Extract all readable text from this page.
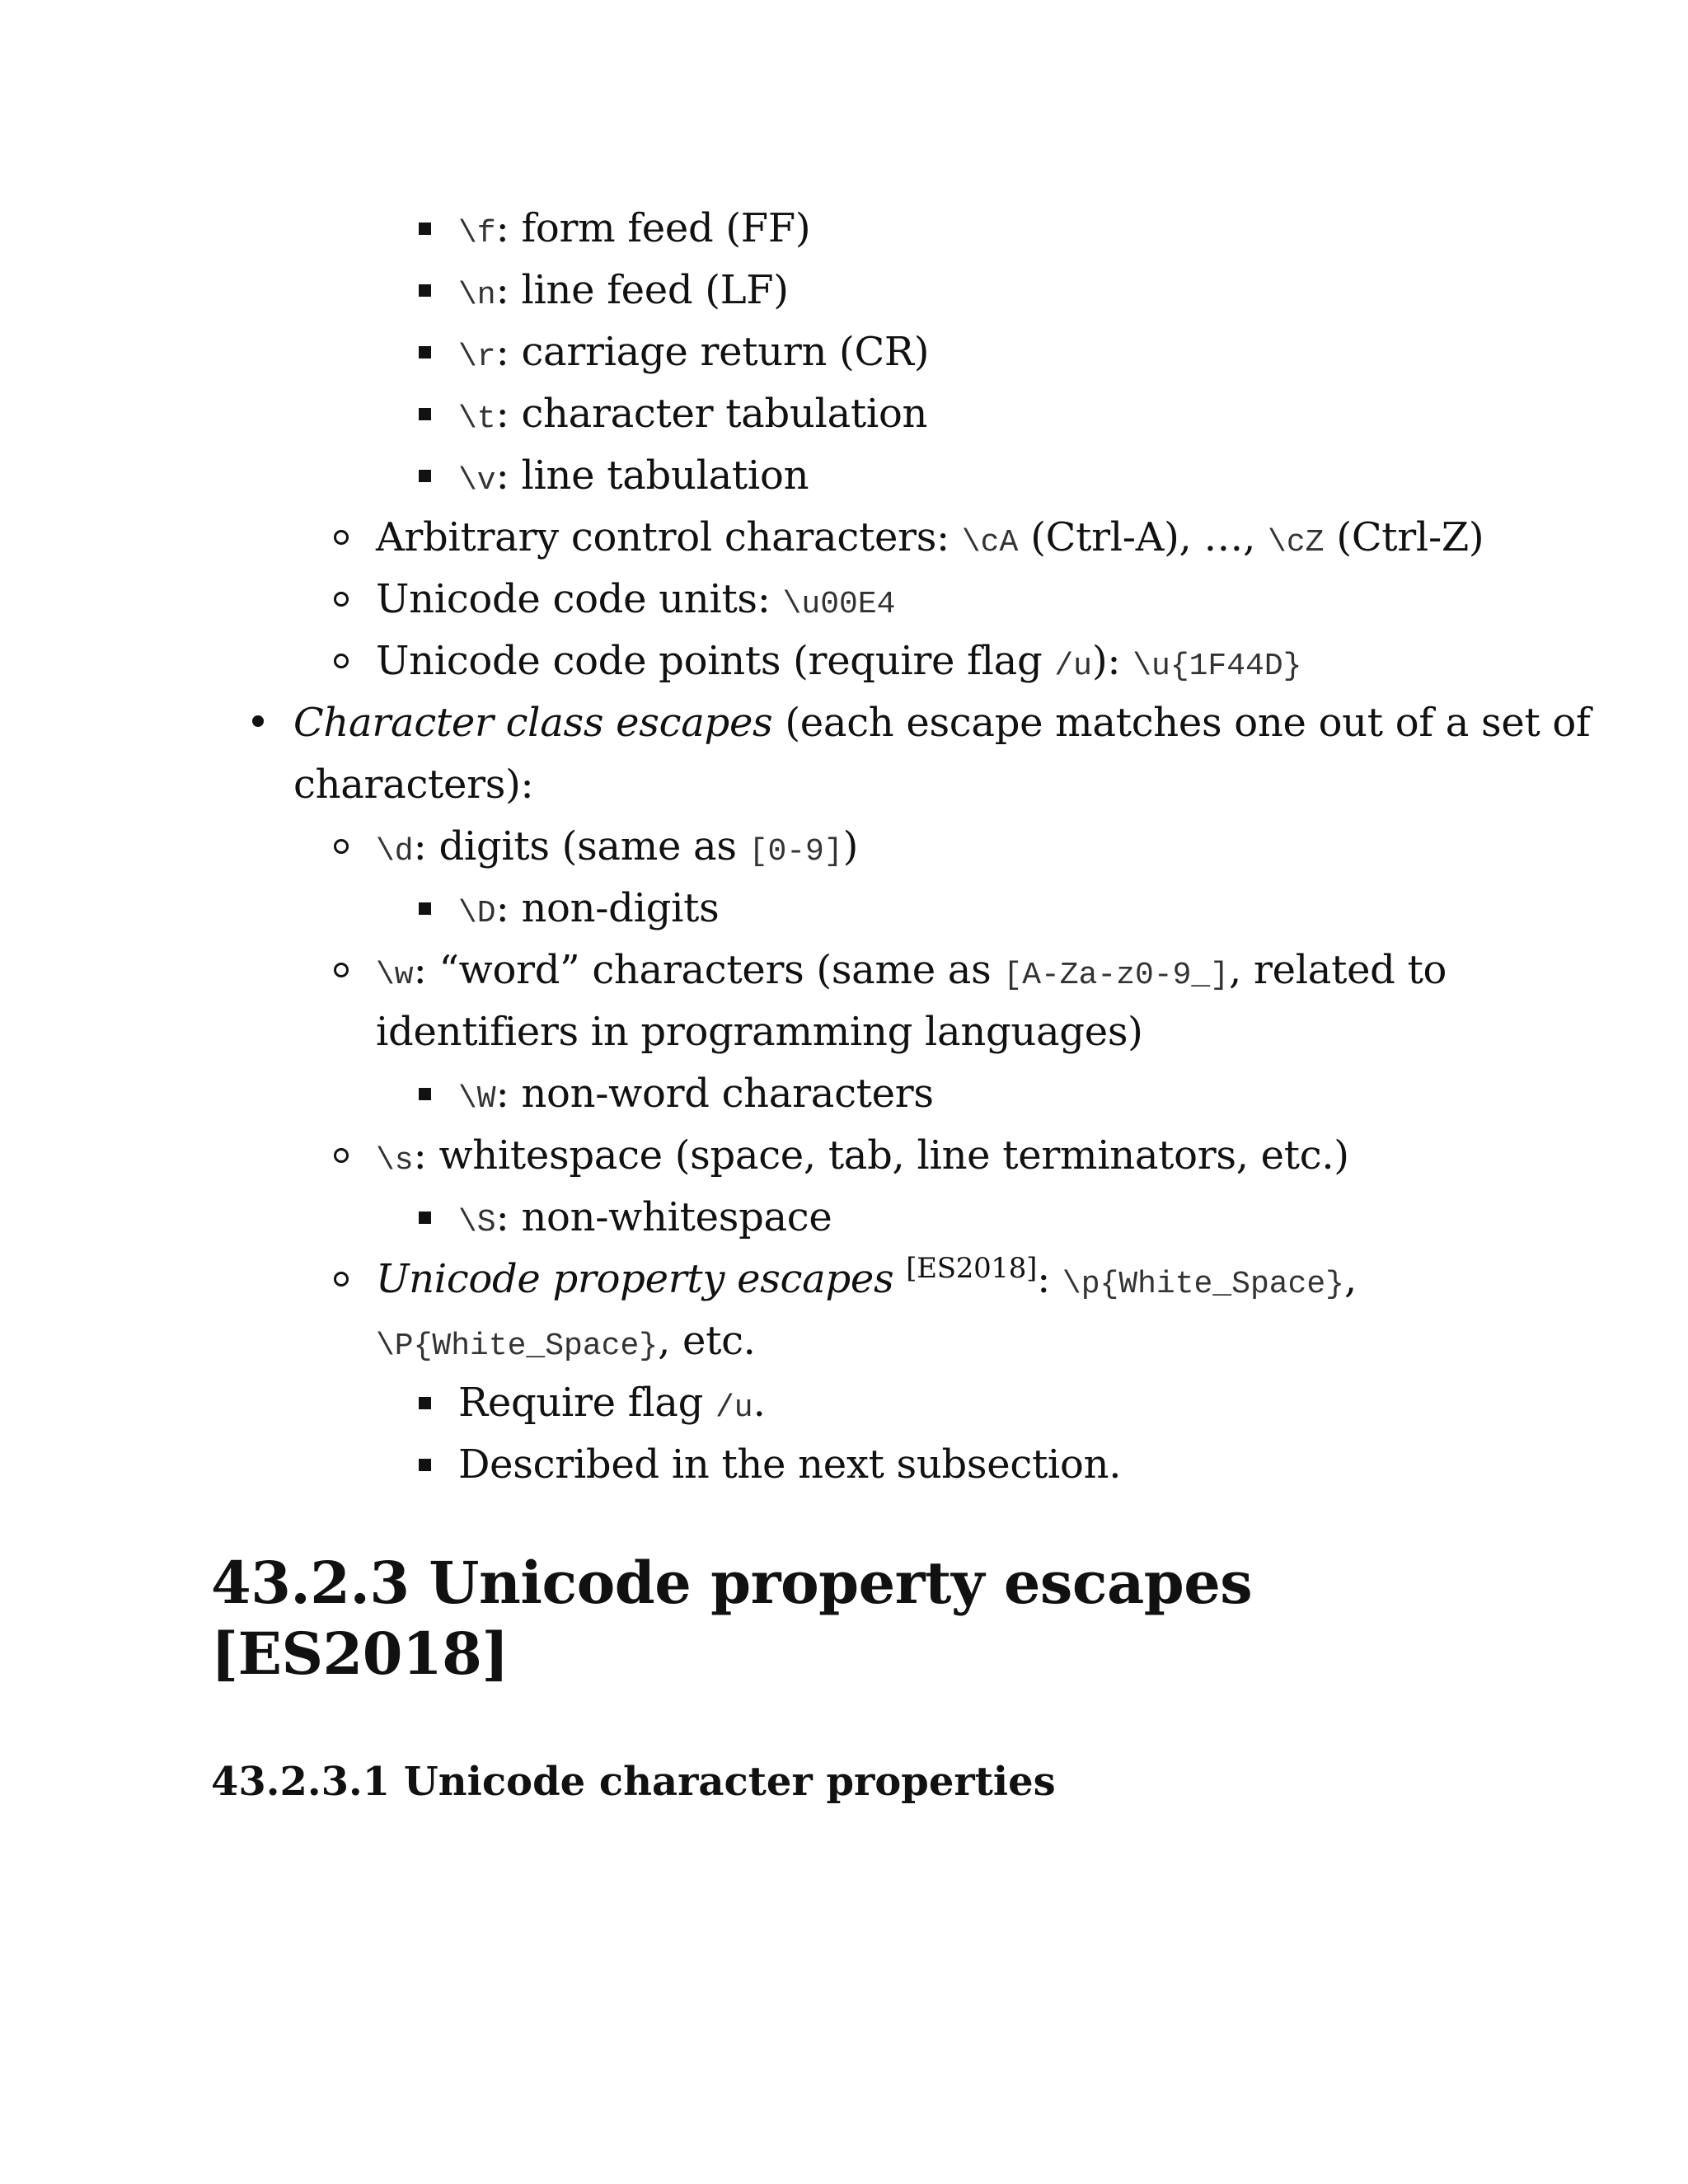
\f: form feed (FF)
\n: line feed (LF)
\r: carriage return (CR)
\t: character tabulation
\v: line tabulation
Arbitrary control characters: \cA (Ctrl-A), …, \cZ (Ctrl-Z)
Unicode code units: \u00E4
Unicode code points (require flag /u): \u{1F44D}
Character class escapes (each escape matches one out of a set of
characters):
\d: digits (same as [0-9])
\D: non-digits
\w: “word” characters (same as [A-Za-z0-9_], related to
identifiers in programming languages)
\W: non-word characters
\s: whitespace (space, tab, line terminators, etc.)
\S: non-whitespace
Unicode property escapes [ES2018]: \p{White_Space},
\P{White_Space}, etc.
Require flag /u.
Described in the next subsection.
43.2.3 Unicode property escapes
[ES2018]
43.2.3.1 Unicode character properties
